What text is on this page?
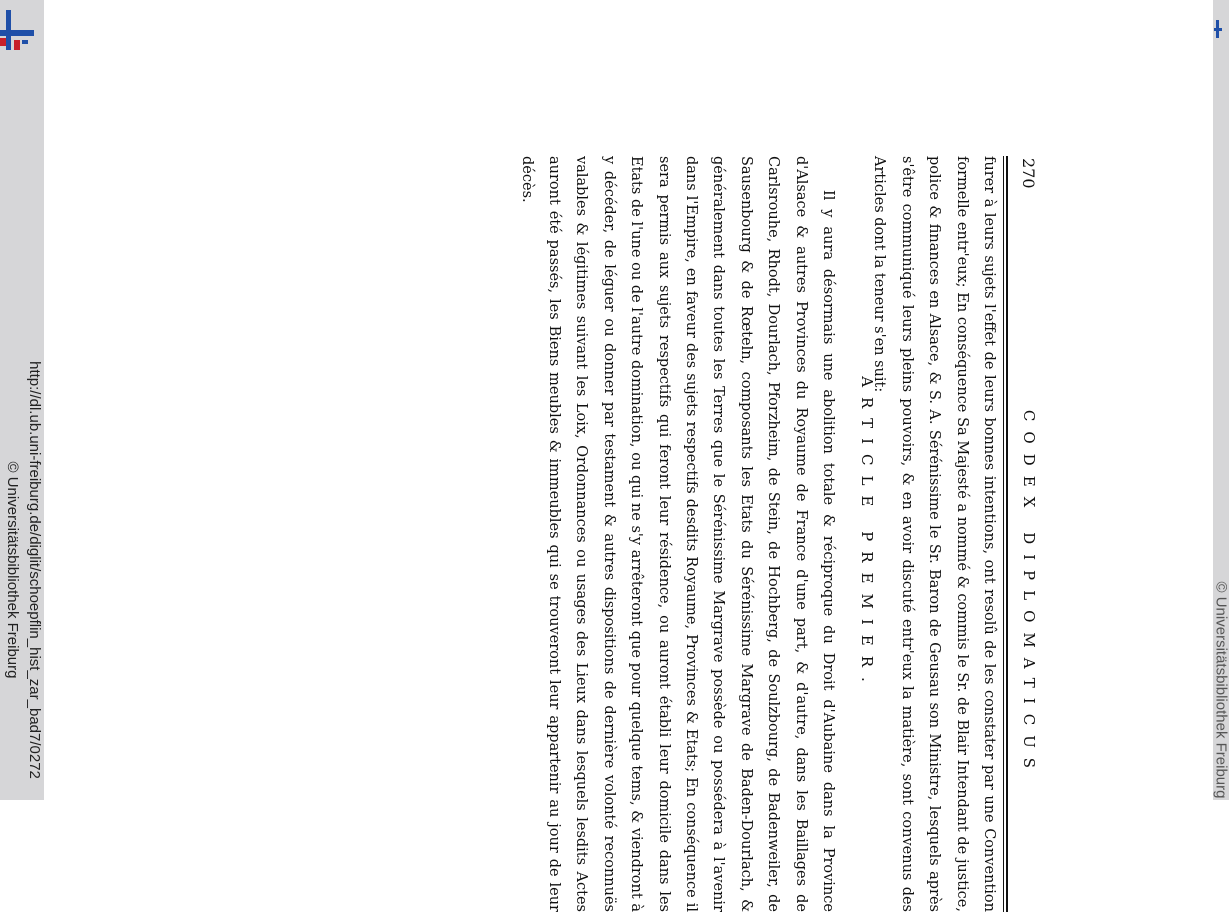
http://dl.ub.uni-freiburg.de/diglit/schoepflin_hist_zar_bad7/0272
© Universitätsbibliothek Freiburg
© Universitätsbibliothek Freiburg
270
CODEX DIPLOMATICUS

furer à leurs sujets l'effet de leurs bonnes intentions, ont resolû de les constater par une Convention formelle entr'eux; En conséquence Sa Majesté a nommé & commis le Sr. de Blair Intendant de justice, police & finances en Alsace, & S. A. Sérénissime le Sr. Baron de Geusau son Ministre, lesquels après s'être communiqué leurs pleins pouvoirs, & en avoir discuté entr'eux la matière, sont convenus des Articles dont la teneur s'en suit:

ARTICLE PREMIER.

Il y aura désormais une abolition totale & réciproque du Droit d'Aubaine dans la Province d'Alsace & autres Provinces du Royaume de France d'une part, & d'autre, dans les Baillages de Carlsrouhe, Rhodt, Dourlach, Pforzheim, de Stein, de Hochberg, de Soulzbourg, de Badenweiler, de Sausenbourg & de Rœteln, composants les Etats du Sérénissime Margrave de Baden-Dourlach, & généralement dans toutes les Terres que le Sérénissime Margrave possède ou possédera à l'avenir dans l'Empire, en faveur des sujets respectifs desdits Royaume, Provinces & Etats; En conséquence il sera permis aux sujets respectifs qui feront leur résidence, ou auront établi leur domicile dans les Etats de l'une ou de l'autre domination, ou qui ne s'y arrêteront que pour quelque tems, & viendront à y décéder, de léguer ou donner par testament & autres dispositions de dernière volonté reconnuës valables & légitimes suivant les Loix, Ordonnances ou usages des Lieux dans lesquels lesdits Actes auront été passés, les Biens meubles & immeubles qui se trouveront leur appartenir au jour de leur décès.
